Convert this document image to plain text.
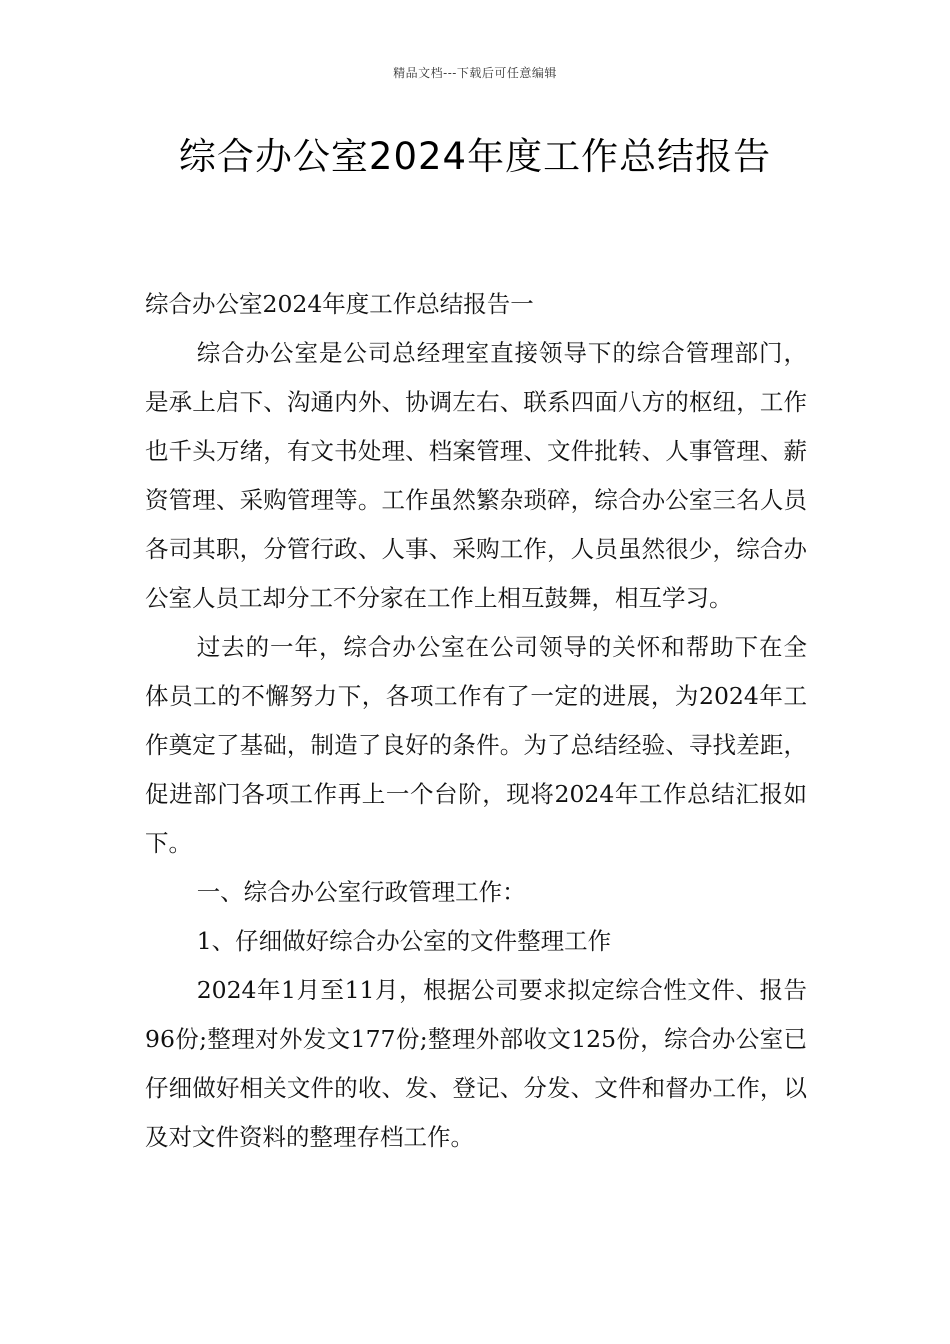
精品文档---下载后可任意编辑
综合办公室2024年度工作总结报告

综合办公室2024年度工作总结报告一

综合办公室是公司总经理室直接领导下的综合管理部门，是承上启下、沟通内外、协调左右、联系四面八方的枢纽，工作也千头万绪，有文书处理、档案管理、文件批转、人事管理、薪资管理、采购管理等。工作虽然繁杂琐碎，综合办公室三名人员各司其职，分管行政、人事、采购工作，人员虽然很少，综合办公室人员工却分工不分家在工作上相互鼓舞，相互学习。

过去的一年，综合办公室在公司领导的关怀和帮助下在全体员工的不懈努力下，各项工作有了一定的进展，为2024年工作奠定了基础，制造了良好的条件。为了总结经验、寻找差距，促进部门各项工作再上一个台阶，现将2024年工作总结汇报如下。

一、综合办公室行政管理工作：

1、仔细做好综合办公室的文件整理工作

2024年1月至11月，根据公司要求拟定综合性文件、报告96份;整理对外发文177份;整理外部收文125份，综合办公室已仔细做好相关文件的收、发、登记、分发、文件和督办工作，以及对文件资料的整理存档工作。
